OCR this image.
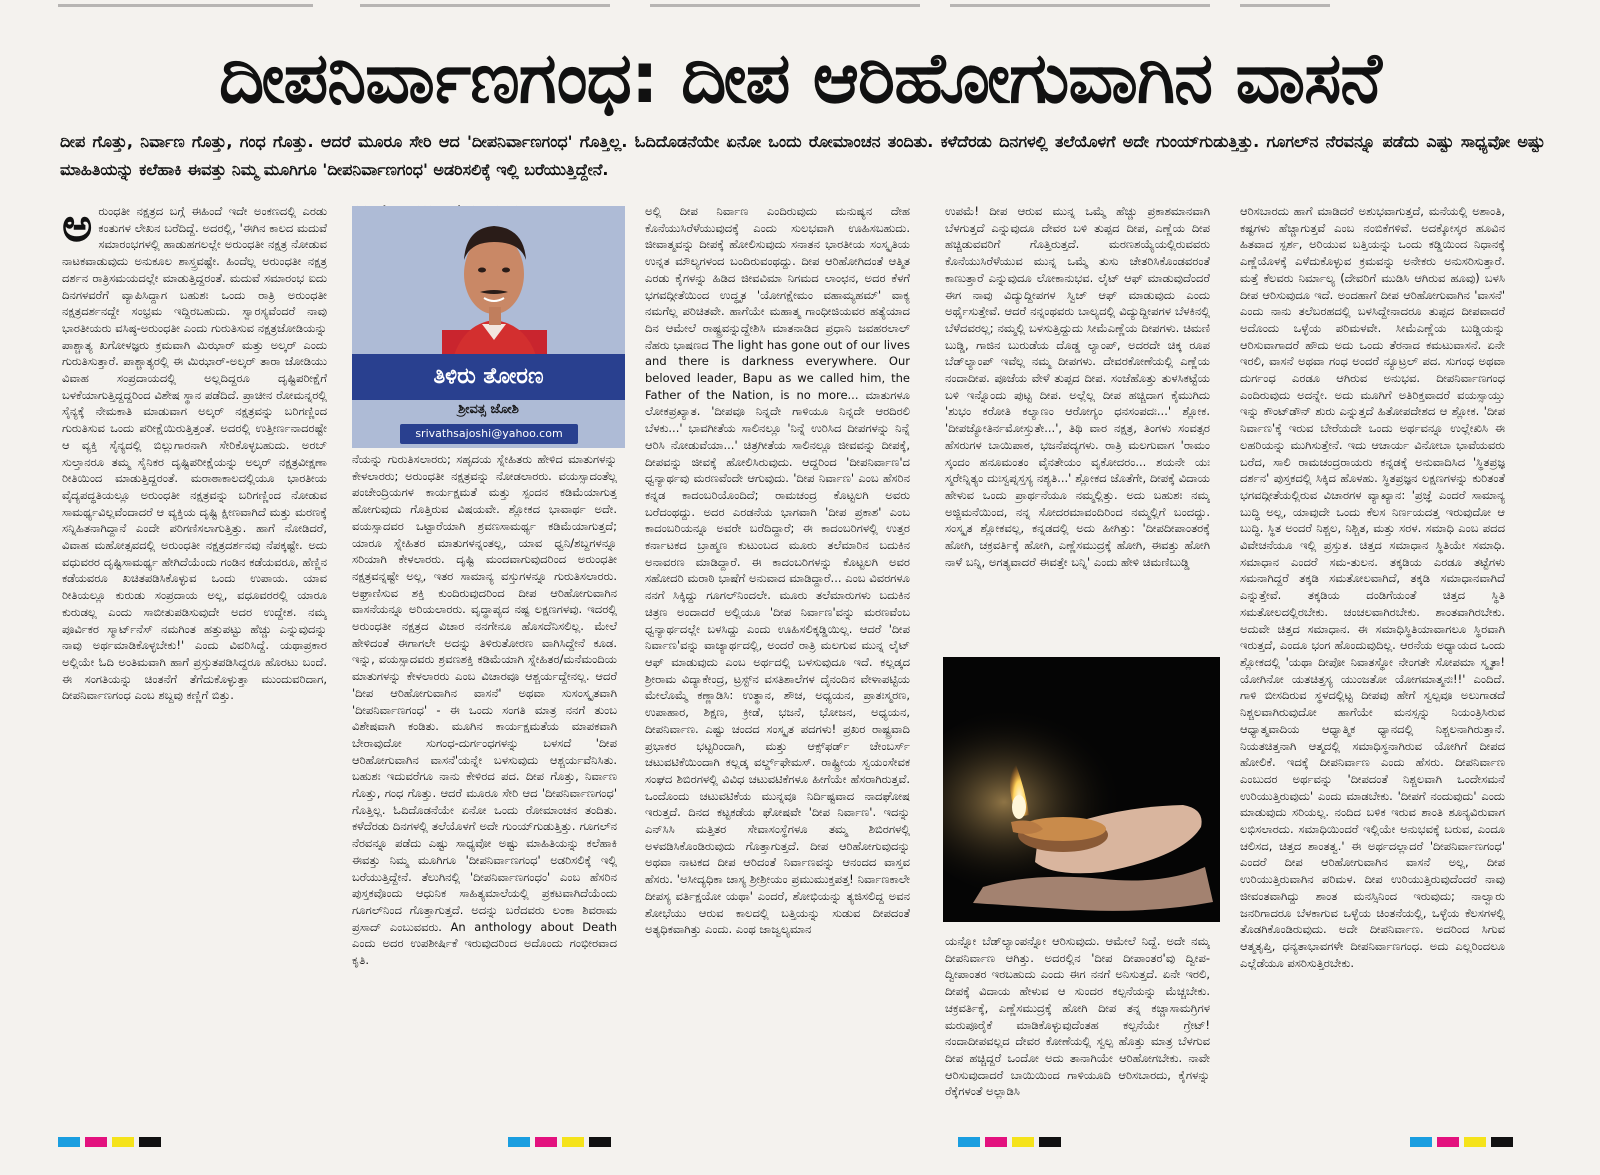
ದೀಪನಿರ್ವಾಣಗಂಧ: ದೀಪ ಆರಿಹೋಗುವಾಗಿನ ವಾಸನೆ
ದೀಪ ಗೊತ್ತು, ನಿರ್ವಾಣ ಗೊತ್ತು, ಗಂಧ ಗೊತ್ತು. ಆದರೆ ಮೂರೂ ಸೇರಿ ಆದ 'ದೀಪನಿರ್ವಾಣಗಂಧ' ಗೊತ್ತಿಲ್ಲ. ಓದಿದೊಡನೆಯೇ ಏನೋ ಒಂದು ರೋಮಾಂಚನ ತಂದಿತು. ಕಳೆದೆರಡು ದಿನಗಳಲ್ಲಿ ತಲೆಯೊಳಗೆ ಅದೇ ಗುಂಯ್‌ಗುಡುತ್ತಿತ್ತು. ಗೂಗಲ್‌ನ ನೆರವನ್ನೂ ಪಡೆದು ಎಷ್ಟು ಸಾಧ್ಯವೋ ಅಷ್ಟು ಮಾಹಿತಿಯನ್ನು ಕಲೆಹಾಕಿ ಈವತ್ತು ನಿಮ್ಮ ಮೂಗಿಗೂ 'ದೀಪನಿರ್ವಾಣಗಂಧ' ಅಡರಿಸಲಿಕ್ಕೆ ಇಲ್ಲಿ ಬರೆಯುತ್ತಿದ್ದೇನೆ.

ಅರುಂಧತೀ ನಕ್ಷತ್ರದ ಬಗ್ಗೆ ಈಹಿಂದೆ ಇದೇ ಅಂಕಣದಲ್ಲಿ ಎರಡು ಕಂತುಗಳ ಲೇಖನ ಬರೆದಿದ್ದೆ. ಅದರಲ್ಲಿ, 'ಈಗಿನ ಕಾಲದ ಮದುವೆ ಸಮಾರಂಭಗಳಲ್ಲಿ ಹಾಡುಹಗಲಲ್ಲೇ ಅರುಂಧತೀ ನಕ್ಷತ್ರ ನೋಡುವ ನಾಟಕವಾಡುವುದು ಅನುಕೂಲ ಶಾಸ್ತ್ರವಷ್ಟೇ. ಹಿಂದೆಲ್ಲ ಅರುಂಧತೀ ನಕ್ಷತ್ರ ದರ್ಶನ ರಾತ್ರಿಸಮಯದಲ್ಲೇ ಮಾಡುತ್ತಿದ್ದರಂತೆ. ಮದುವೆ ಸಮಾರಂಭ ಐದು ದಿನಗಳವರೆಗೆ ವ್ಯಾಪಿಸಿದ್ದಾಗ ಬಹುಶಃ ಒಂದು ರಾತ್ರಿ ಅರುಂಧತೀ ನಕ್ಷತ್ರದರ್ಶನದ್ದೇ ಸಂಭ್ರಮ ಇದ್ದಿರಬಹುದು. ಸ್ವಾರಸ್ಯವೆಂದರೆ ನಾವು ಭಾರತೀಯರು ವಸಿಷ್ಠ-ಅರುಂಧತೀ ಎಂದು ಗುರುತಿಸುವ ನಕ್ಷತ್ರಜೋಡಿಯನ್ನು ಪಾಶ್ಚಾತ್ಯ ಖಗೋಳಜ್ಞರು ಕ್ರಮವಾಗಿ ಮಿಝಾರ್ ಮತ್ತು ಅಲ್ಕರ್ ಎಂದು ಗುರುತಿಸುತ್ತಾರೆ. ಪಾಶ್ಚಾತ್ಯರಲ್ಲಿ ಈ ಮಿಝಾರ್-ಅಲ್ಕರ್ ತಾರಾ ಜೋಡಿಯು ವಿವಾಹ ಸಂಪ್ರದಾಯದಲ್ಲಿ ಅಲ್ಲದಿದ್ದರೂ ದೃಷ್ಟಿಪರೀಕ್ಷೆಗೆ ಬಳಕೆಯಾಗುತ್ತಿದ್ದದ್ದರಿಂದ ವಿಶೇಷ ಸ್ಥಾನ ಪಡೆದಿದೆ. ಪ್ರಾಚೀನ ರೋಮನ್ನರಲ್ಲಿ ಸೈನ್ಯಕ್ಕೆ ನೇಮಕಾತಿ ಮಾಡುವಾಗ ಅಲ್ಕರ್ ನಕ್ಷತ್ರವನ್ನು ಬರಿಗಣ್ಣಿಂದ ಗುರುತಿಸುವ ಒಂದು ಪರೀಕ್ಷೆಯಿರುತ್ತಿತ್ತಂತೆ. ಅದರಲ್ಲಿ ಉತ್ತೀರ್ಣನಾದರಷ್ಟೇ ಆ ವ್ಯಕ್ತಿ ಸೈನ್ಯದಲ್ಲಿ ಬಿಲ್ಲುಗಾರನಾಗಿ ಸೇರಿಕೊಳ್ಳಬಹುದು. ಅರಬ್ ಸುಲ್ತಾನರೂ ತಮ್ಮ ಸೈನಿಕರ ದೃಷ್ಟಿಪರೀಕ್ಷೆಯನ್ನು ಅಲ್ಕರ್ ನಕ್ಷತ್ರವೀಕ್ಷಣಾ ರೀತಿಯಿಂದ ಮಾಡುತ್ತಿದ್ದರಂತೆ. ಮರಾಠಾಕಾಲದಲ್ಲಿಯೂ ಭಾರತೀಯ ವೈದ್ಯಪದ್ಧತಿಯಲ್ಲೂ ಅರುಂಧತೀ ನಕ್ಷತ್ರವನ್ನು ಬರಿಗಣ್ಣಿಂದ ನೋಡುವ ಸಾಮರ್ಥ್ಯವಿಲ್ಲವೆಂದಾದರೆ ಆ ವ್ಯಕ್ತಿಯ ದೃಷ್ಟಿ ಕ್ಷೀಣವಾಗಿದೆ ಮತ್ತು ಮರಣಕ್ಕೆ ಸನ್ನಿಹಿತನಾಗಿದ್ದಾನೆ ಎಂದೇ ಪರಿಗಣಿಸಲಾಗುತ್ತಿತ್ತು. ಹಾಗೆ ನೋಡಿದರೆ, ವಿವಾಹ ಮಹೋತ್ಸವದಲ್ಲಿ ಅರುಂಧತೀ ನಕ್ಷತ್ರದರ್ಶನವು ನೆಪಕ್ಕಷ್ಟೇ. ಅದು ವಧುವರರ ದೃಷ್ಟಿಸಾಮರ್ಥ್ಯ ಹೇಗಿದೆಯೆಂದು ಗಂಡಿನ ಕಡೆಯವರೂ, ಹೆಣ್ಣಿನ ಕಡೆಯವರೂ ಖಚಿತಪಡಿಸಿಕೊಳ್ಳುವ ಒಂದು ಉಪಾಯ. ಯಾವ ರೀತಿಯಲ್ಲೂ ಕುರುಡು ಸಂಪ್ರದಾಯ ಅಲ್ಲ, ವಧೂವರರಲ್ಲಿ ಯಾರೂ ಕುರುಡಲ್ಲ ಎಂದು ಸಾಬೀತುಪಡಿಸುವುದೇ ಅದರ ಉದ್ದೇಶ. ನಮ್ಮ ಪೂರ್ವಿಕರ ಸ್ಮಾರ್ಟ್‌ನೆಸ್ ನಮಗಿಂತ ಹತ್ತುಪಟ್ಟು ಹೆಚ್ಚು ಎನ್ನುವುದನ್ನು ನಾವು ಅರ್ಥಮಾಡಿಕೊಳ್ಳಬೇಕು!' ಎಂದು ವಿವರಿಸಿದ್ದೆ. ಯಥಾಪ್ರಕಾರ ಅಲ್ಲಿಯೇ ಓದಿ ಅಂತಿಮವಾಗಿ ಹಾಗೆ ಪ್ರಸ್ತುತಪಡಿಸಿದ್ದರೂ ಹೊರಟು ಬಂದೆ. ಈ ಸಂಗತಿಯನ್ನು ಚಿಂತನೆಗೆ ತೆಗೆದುಕೊಳ್ಳುತ್ತಾ ಮುಂದುವರಿದಾಗ, ದೀಪನಿರ್ವಾಣಗಂಧ ಎಂಬ ಶಬ್ದವು ಕಣ್ಣಿಗೆ ಬಿತ್ತು.

ನೆಯನ್ನು ಗುರುತಿಸಲಾರರು; ಸಹೃದಯ ಸ್ನೇಹಿತರು ಹೇಳಿದ ಮಾತುಗಳನ್ನು ಕೇಳಲಾರರು; ಅರುಂಧತೀ ನಕ್ಷತ್ರವನ್ನು ನೋಡಲಾರರು. ವಯಸ್ಸಾದಂತೆಲ್ಲ ಪಂಚೇಂದ್ರಿಯಗಳ ಕಾರ್ಯಕ್ಷಮತೆ ಮತ್ತು ಸ್ಪಂದನ ಕಡಿಮೆಯಾಗುತ್ತ ಹೋಗುವುದು ಗೊತ್ತಿರುವ ವಿಷಯವೇ. ಶ್ಲೋಕದ ಭಾವಾರ್ಥ ಅದೇ. ವಯಸ್ಸಾದವರ ಒಟ್ಟಾರೆಯಾಗಿ ಶ್ರವಣಸಾಮರ್ಥ್ಯ ಕಡಿಮೆಯಾಗುತ್ತದೆ; ಯಾರೂ ಸ್ನೇಹಿತರ ಮಾತುಗಳನ್ನಂತಲ್ಲ, ಯಾವ ಧ್ವನಿ/ಶಬ್ದಗಳನ್ನೂ ಸರಿಯಾಗಿ ಕೇಳಲಾರರು. ದೃಷ್ಟಿ ಮಂದವಾಗುವುದರಿಂದ ಅರುಂಧತೀ ನಕ್ಷತ್ರವನ್ನಷ್ಟೇ ಅಲ್ಲ, ಇತರ ಸಾಮಾನ್ಯ ವಸ್ತುಗಳನ್ನೂ ಗುರುತಿಸಲಾರರು. ಅಘ್ರಾಣಿಸುವ ಶಕ್ತಿ ಕುಂದಿರುವುದರಿಂದ ದೀಪ ಆರಿಹೋಗುವಾಗಿನ ವಾಸನೆಯನ್ನೂ ಅರಿಯಲಾರರು. ವೃದ್ಧಾಪ್ಯದ ನಷ್ಟ ಲಕ್ಷಣಗಳವು. ಇದರಲ್ಲಿ ಅರುಂಧತೀ ನಕ್ಷತ್ರದ ವಿಚಾರ ನನಗೇನೂ ಹೊಸದೆನಿಸಲಿಲ್ಲ. ಮೇಲೆ ಹೇಳಿದಂತೆ ಈಗಾಗಲೇ ಅದನ್ನು ತಿಳಿರುತೋರಣ ವಾಗಿಸಿದ್ದೇನೆ ಕೂಡ. ಇನ್ನು, ವಯಸ್ಸಾದವರು ಶ್ರವಣಶಕ್ತಿ ಕಡಿಮೆಯಾಗಿ ಸ್ನೇಹಿತರ/ಮನೆಮಂದಿಯ ಮಾತುಗಳನ್ನು ಕೇಳಲಾರರು ಎಂಬ ವಿಚಾರವೂ ಆಶ್ಚರ್ಯದ್ದೇನಲ್ಲ. ಆದರೆ 'ದೀಪ ಆರಿಹೋಗುವಾಗಿನ ವಾಸನೆ' ಅಥವಾ ಸುಸಂಸ್ಕೃತವಾಗಿ 'ದೀಪನಿರ್ವಾಣಗಂಧ' - ಈ ಒಂದು ಸಂಗತಿ ಮಾತ್ರ ನನಗೆ ತುಂಬ ವಿಶೇಷವಾಗಿ ಕಂಡಿತು. ಮೂಗಿನ ಕಾರ್ಯಕ್ಷಮತೆಯ ಮಾಪಕವಾಗಿ ಬೇರಾವುದೋ ಸುಗಂಧ-ದುರ್ಗಂಧಗಳನ್ನು ಬಳಸದೆ 'ದೀಪ ಆರಿಹೋಗುವಾಗಿನ ವಾಸನೆ'ಯನ್ನೇ ಬಳಸುವುದು ಆಶ್ಚರ್ಯವೆನಿಸಿತು. ಬಹುಶಃ ಇದುವರೆಗೂ ನಾನು ಕೇಳಿರದ ಪದ. ದೀಪ ಗೊತ್ತು, ನಿರ್ವಾಣ ಗೊತ್ತು, ಗಂಧ ಗೊತ್ತು. ಆದರೆ ಮೂರೂ ಸೇರಿ ಆದ 'ದೀಪನಿರ್ವಾಣಗಂಧ' ಗೊತ್ತಿಲ್ಲ. ಓದಿದೊಡನೆಯೇ ಏನೋ ಒಂದು ರೋಮಾಂಚನ ತಂದಿತು. ಕಳೆದೆರಡು ದಿನಗಳಲ್ಲಿ ತಲೆಯೊಳಗೆ ಅದೇ ಗುಂಯ್‌ಗುಡುತ್ತಿತ್ತು. ಗೂಗಲ್‌ನ ನೆರವನ್ನೂ ಪಡೆದು ಎಷ್ಟು ಸಾಧ್ಯವೋ ಅಷ್ಟು ಮಾಹಿತಿಯನ್ನು ಕಲೆಹಾಕಿ ಈವತ್ತು ನಿಮ್ಮ ಮೂಗಿಗೂ 'ದೀಪನಿರ್ವಾಣಗಂಧ' ಅಡರಿಸಲಿಕ್ಕೆ ಇಲ್ಲಿ ಬರೆಯುತ್ತಿದ್ದೇನೆ. ತೆಲುಗಿನಲ್ಲಿ 'ದೀಪನಿರ್ವಾಣಗಂಧಂ' ಎಂಬ ಹೆಸರಿನ ಪುಸ್ತಕವೊಂದು ಆಧುನಿಕ ಸಾಹಿತ್ಯಮಾಲೆಯಲ್ಲಿ ಪ್ರಕಟವಾಗಿದೆಯೆಂದು ಗೂಗಲ್‌ನಿಂದ ಗೊತ್ತಾಗುತ್ತದೆ. ಅದನ್ನು ಬರೆದವರು ಲಂಕಾ ಶಿವರಾಮ ಪ್ರಸಾದ್ ಎಂಬುವವರು. An anthology about Death ಎಂದು ಅದರ ಉಪಶೀರ್ಷಿಕೆ ಇರುವುದರಿಂದ ಅದೊಂದು ಗಂಭೀರವಾದ ಕೃತಿ.
ತಿಳಿರು ತೋರಣ
ಶ್ರೀವತ್ಸ ಜೋಶಿ
srivathsajoshi@yahoo.com

ಅಲ್ಲಿ ದೀಪ ನಿರ್ವಾಣ ಎಂದಿರುವುದು ಮನುಷ್ಯನ ದೇಹ ಕೊನೆಯುಸಿರೆಳೆಯುವುದಕ್ಕೆ ಎಂದು ಸುಲಭವಾಗಿ ಊಹಿಸಬಹುದು. ಜೀವಾತ್ಮವನ್ನು ದೀಪಕ್ಕೆ ಹೋಲಿಸುವುದು ಸನಾತನ ಭಾರತೀಯ ಸಂಸ್ಕೃತಿಯ ಉನ್ನತ ಮೌಲ್ಯಗಳಂದ ಬಂದಿರುವಂಥದ್ದು. ದೀಪ ಆರಿಹೋಗಿದಂತೆ ಆತ್ಮಿತ ಎರಡು ಕೈಗಳನ್ನು ಹಿಡಿದ ಜೀವವಿಮಾ ನಿಗಮದ ಲಾಂಛನ, ಅದರ ಕೆಳಗೆ ಭಗವದ್ಗೀತೆಯಿಂದ ಉದ್ಧೃತ 'ಯೋಗಕ್ಷೇಮಂ ವಹಾಮ್ಯಹಮ್' ವಾಕ್ಯ ನಮಗೆಲ್ಲ ಪರಿಚಿತವೇ. ಹಾಗೆಯೇ ಮಹಾತ್ಮ ಗಾಂಧೀಜಿಯವರ ಹತ್ಯೆಯಾದ ದಿನ ಆಮೇಲೆ ರಾಷ್ಟ್ರವನ್ನುದ್ದೇಶಿಸಿ ಮಾತನಾಡಿದ ಪ್ರಧಾನಿ ಜವಹರಲಾಲ್ ನೆಹರು ಭಾಷಣದ The light has gone out of our lives and there is darkness everywhere. Our beloved leader, Bapu as we called him, the Father of the Nation, is no more... ಮಾತುಗಳೂ ಲೋಕಪ್ರಖ್ಯಾತ. 'ದೀಪವೂ ನಿನ್ನದೇ ಗಾಳಿಯೂ ನಿನ್ನದೇ ಆರದಿರಲಿ ಬೆಳಕು...' ಭಾವಗೀತೆಯ ಸಾಲಿನಲ್ಲೂ 'ನಿನ್ನೆ ಉರಿಸಿದ ದೀಪಗಳನ್ನು ನಿನ್ನೆ ಆರಿಸಿ ನೋಡುವೆಯಾ...' ಚಿತ್ರಗೀತೆಯ ಸಾಲಿನಲ್ಲೂ ಜೀವವನ್ನು ದೀಪಕ್ಕೆ, ದೀಪವನ್ನು ಜೀವಕ್ಕೆ ಹೋಲಿಸಿರುವುದು. ಆದ್ದರಿಂದ 'ದೀಪನಿರ್ವಾಣ'ದ ಧ್ವನ್ಯಾರ್ಥವು ಮರಣವೆಂದೇ ಆಗುವುದು. 'ದೀಪ ನಿರ್ವಾಣ' ಎಂಬ ಹೆಸರಿನ ಕನ್ನಡ ಕಾದಂಬರಿಯೊಂದಿದೆ; ರಾಮಚಂದ್ರ ಕೊಟ್ಟಲಗಿ ಅವರು ಬರೆದಂಥದ್ದು. ಅದರ ಎರಡನೆಯ ಭಾಗವಾಗಿ 'ದೀಪ ಪ್ರಕಾಶ' ಎಂಬ ಕಾದಂಬರಿಯನ್ನೂ ಅವರೇ ಬರೆದಿದ್ದಾರೆ; ಈ ಕಾದಂಬರಿಗಳಲ್ಲಿ ಉತ್ತರ ಕರ್ನಾಟಕದ ಬ್ರಾಹ್ಮಣ ಕುಟುಂಬದ ಮೂರು ತಲೆಮಾರಿನ ಬದುಕಿನ ಅನಾವರಣ ಮಾಡಿದ್ದಾರೆ. ಈ ಕಾದಂಬರಿಗಳನ್ನು ಕೊಟ್ಟಲಗಿ ಅವರ ಸಹೋದರಿ ಮರಾಠಿ ಭಾಷೆಗೆ ಅನುವಾದ ಮಾಡಿದ್ದಾರೆ... ಎಂಬ ವಿವರಗಳೂ ನನಗೆ ಸಿಕ್ಕಿದ್ದು ಗೂಗಲ್‌ನಿಂದಲೇ. ಮೂರು ತಲೆಮಾರುಗಳು ಬದುಕಿನ ಚಿತ್ರಣ ಅಂದಾದರೆ ಅಲ್ಲಿಯೂ 'ದೀಪ ನಿರ್ವಾಣ'ವನ್ನು ಮರಣವೆಂಬ ಧ್ವನ್ಯಾರ್ಥದಲ್ಲೇ ಬಳಸಿದ್ದು ಎಂದು ಊಹಿಸಲಿಕ್ಕಡ್ಡಿಯಿಲ್ಲ. ಆದರೆ 'ದೀಪ ನಿರ್ವಾಣ'ವನ್ನು ವಾಚ್ಯಾರ್ಥದಲ್ಲಿ, ಅಂದರೆ ರಾತ್ರಿ ಮಲಗುವ ಮುನ್ನ ಲೈಟ್ ಆಫ್ ಮಾಡುವುದು ಎಂಬ ಅರ್ಥದಲ್ಲಿ ಬಳಸುವುದೂ ಇದೆ. ಕಲ್ಲಡ್ಕದ ಶ್ರೀರಾಮ ವಿದ್ಯಾಕೇಂದ್ರ, ಟ್ರಸ್ಟ್‌ನ ವಸತಿಶಾಲೆಗಳ ದೈನಂದಿನ ವೇಳಾಪಟ್ಟಿಯ ಮೇಲೊಮ್ಮೆ ಕಣ್ಣಾಡಿಸಿ: ಉತ್ಥಾನ, ಶೌಚ, ಅಧ್ಯಯನ, ಪ್ರಾತಃಸ್ಮರಣ, ಉಪಾಹಾರ, ಶಿಕ್ಷಣ, ಕ್ರೀಡೆ, ಭಜನೆ, ಭೋಜನ, ಅಧ್ಯಯನ, ದೀಪನಿರ್ವಾಣ. ಎಷ್ಟು ಚಂದದ ಸಂಸ್ಕೃತ ಪದಗಳು! ಪ್ರಖರ ರಾಷ್ಟ್ರವಾದಿ ಪ್ರಭಾಕರ ಭಟ್ಟರಿಂದಾಗಿ, ಮತ್ತು ಆಕ್ಸ್‌ಫರ್ಡ್ ಚೇಂಬರ್ಸ್ ಚಟುವಟಿಕೆಯಿಂದಾಗಿ ಕಲ್ಲಡ್ಕ ವರ್ಲ್ಡ್‌ಫೇಮಸ್. ರಾಷ್ಟ್ರೀಯ ಸ್ವಯಂಸೇವಕ ಸಂಘದ ಶಿಬಿರಗಳಲ್ಲಿ ವಿವಿಧ ಚಟುವಟಿಕೆಗಳೂ ಹೀಗೆಯೇ ಹೆಸರಾಗಿರುತ್ತವೆ. ಒಂದೊಂದು ಚಟುವಟಿಕೆಯ ಮುನ್ನವೂ ನಿರ್ದಿಷ್ಟವಾದ ನಾದಘೋಷ ಇರುತ್ತದೆ. ದಿನದ ಕಟ್ಟಕಡೆಯ ಘೋಷವೇ 'ದೀಪ ನಿರ್ವಾಣ'. ಇದನ್ನು ಎನ್‌ಸಿಸಿ ಮತ್ತಿತರ ಸೇವಾಸಂಸ್ಥೆಗಳೂ ತಮ್ಮ ಶಿಬಿರಗಳಲ್ಲಿ ಅಳವಡಿಸಿಕೊಂಡಿರುವುದು ಗೊತ್ತಾಗುತ್ತದೆ. ದೀಪ ಆರಿಹೋಗುವುದನ್ನು ಅಥವಾ ನಾಟಕದ ದೀಪ ಆರಿದಂತೆ ನಿರ್ವಾಣವನ್ನು ಆನಂದದ ವಾಸ್ತವ ಹೆಸರು. 'ಅಸೀದ್ಯಧಿಕಾ ಚಾಸ್ಯ ಶ್ರೀಶ್ರೀಯಂ ಪ್ರಮುಮುಕ್ತಪತ್ತ! ನಿರ್ವಾಣಕಾಲೇ ದೀಪಸ್ಯ ವರ್ತಿಕ್ಷಯೋ ಯಥಾ' ಎಂದರೆ, ಶೋಭಿಯನ್ನು ತ್ಯಜಿಸಲಿದ್ದ ಅವನ ಶೋಭೆಯು ಆರುವ ಕಾಲದಲ್ಲಿ ಬತ್ತಿಯನ್ನು ಸುಡುವ ದೀಪದಂತೆ ಅತ್ಯಧಿಕವಾಗಿತ್ತು ಎಂದು. ಎಂಥ ಜಾಜ್ವಲ್ಯಮಾನ

ಉಪಮೆ! ದೀಪ ಆರುವ ಮುನ್ನ ಒಮ್ಮೆ ಹೆಚ್ಚು ಪ್ರಕಾಶಮಾನವಾಗಿ ಬೆಳಗುತ್ತದೆ ಎನ್ನುವುದೂ ದೇವರ ಬಳಿ ತುಪ್ಪದ ದೀಪ, ಎಣ್ಣೆಯ ದೀಪ ಹಚ್ಚಿಡುವವರಿಗೆ ಗೊತ್ತಿರುತ್ತದೆ. ಮರಣಶಯ್ಯೆಯಲ್ಲಿರುವವರು ಕೊನೆಯುಸಿರೆಳೆಯುವ ಮುನ್ನ ಒಮ್ಮೆ ತುಸು ಚೇತರಿಸಿಕೊಂಡವರಂತೆ ಕಾಣುತ್ತಾರೆ ಎನ್ನುವುದೂ ಲೋಕಾನುಭವ. ಲೈಟ್ ಆಫ್ ಮಾಡುವುದೆಂದರೆ ಈಗ ನಾವು ವಿದ್ಯುದ್ದೀಪಗಳ ಸ್ವಿಚ್ ಆಫ್ ಮಾಡುವುದು ಎಂದು ಅರ್ಥೈಸುತ್ತೇವೆ. ಆದರೆ ನನ್ನಂಥವರು ಬಾಲ್ಯದಲ್ಲಿ ವಿದ್ಯುದ್ದೀಪಗಳ ಬೆಳಕಿನಲ್ಲಿ ಬೆಳೆದವರಲ್ಲ; ನಮ್ಮಲ್ಲಿ ಬಳಸುತ್ತಿದ್ದುದು ಸೀಮೆಎಣ್ಣೆಯ ದೀಪಗಳು. ಚಿಮಣಿ ಬುಡ್ಡಿ, ಗಾಜಿನ ಬುರುಡೆಯ ದೊಡ್ಡ ಲ್ಯಾಂಪ್, ಅದರದೇ ಚಿಕ್ಕ ರೂಪ ಬೆಡ್‌ಲ್ಯಾಂಪ್ ಇವೆಲ್ಲ ನಮ್ಮ ದೀಪಗಳು. ದೇವರಕೋಣೆಯಲ್ಲಿ ಎಣ್ಣೆಯ ನಂದಾದೀಪ. ಪೂಜೆಯ ವೇಳೆ ತುಪ್ಪದ ದೀಪ. ಸಂಜೆಹೊತ್ತು ತುಳಸಿಕಟ್ಟೆಯ ಬಳಿ ಇನ್ನೊಂದು ಪುಟ್ಟ ದೀಪ. ಅಲ್ಲೆಲ್ಲ ದೀಪ ಹಚ್ಚಿದಾಗ ಕೈಮುಗಿದು 'ಶುಭಂ ಕರೋತಿ ಕಲ್ಯಾಣಂ ಆರೋಗ್ಯಂ ಧನಸಂಪದಃ...' ಶ್ಲೋಕ. 'ದೀಪಜ್ಯೋತಿರ್ನಮೋಸ್ತುತೇ...', ತಿಥಿ ವಾರ ನಕ್ಷತ್ರ, ತಿಂಗಳು ಸಂವತ್ಸರ ಹೆಸರುಗಳ ಬಾಯಿಪಾಠ, ಭಜನೆಪದ್ಯಗಳು. ರಾತ್ರಿ ಮಲಗುವಾಗ 'ರಾಮಂ ಸ್ಕಂದಂ ಹನೂಮಂತಂ ವೈನತೇಯಂ ವೃಕೋದರಂ... ಶಯನೇ ಯಃ ಸ್ಮರೇನ್ನಿತ್ಯಂ ದುಃಸ್ವಪ್ನಸ್ತಸ್ಯ ನಶ್ಯತಿ...' ಶ್ಲೋಕದ ಜೊತೆಗೇ, ದೀಪಕ್ಕೆ ವಿದಾಯ ಹೇಳುವ ಒಂದು ಪ್ರಾರ್ಥನೆಯೂ ನಮ್ಮಲ್ಲಿತ್ತು. ಅದು ಬಹುಶಃ ನಮ್ಮ ಅಜ್ಜಿಮನೆಯಿಂದ, ನನ್ನ ಸೋದರಮಾವಂದಿರಿಂದ ನಮ್ಮಲ್ಲಿಗೆ ಬಂದದ್ದು. ಸಂಸ್ಕೃತ ಶ್ಲೋಕವಲ್ಲ, ಕನ್ನಡದಲ್ಲಿ ಅದು ಹೀಗಿತ್ತು: 'ದೀಪದೀಪಾಂತರಕ್ಕೆ ಹೋಗಿ, ಚಕ್ರವರ್ತಿಕ್ಕೆ ಹೋಗಿ, ಎಣ್ಣೆಸಮುದ್ರಕ್ಕೆ ಹೋಗಿ, ಈವತ್ತು ಹೋಗಿ ನಾಳೆ ಬನ್ನಿ, ಅಗತ್ಯವಾದರೆ ಈವತ್ತೇ ಬನ್ನಿ' ಎಂದು ಹೇಳಿ ಚಿಮಣಿಬುಡ್ಡಿ
ಯನ್ನೋ ಬೆಡ್‌ಲ್ಯಾಂಪನ್ನೋ ಆರಿಸುವುದು. ಆಮೇಲೆ ನಿದ್ದೆ. ಅದೇ ನಮ್ಮ ದೀಪನಿರ್ವಾಣ ಆಗಿತ್ತು. ಅದರಲ್ಲಿನ 'ದೀಪ ದೀಪಾಂತರ'ವು ದ್ವೀಪ-ದ್ವೀಪಾಂತರ ಇರಬಹುದು ಎಂದು ಈಗ ನನಗೆ ಅನಿಸುತ್ತದೆ. ಏನೇ ಇರಲಿ, ದೀಪಕ್ಕೆ ವಿದಾಯ ಹೇಳುವ ಆ ಸುಂದರ ಕಲ್ಪನೆಯನ್ನು ಮೆಚ್ಚಬೇಕು. ಚಕ್ರವರ್ತಿಕ್ಕೆ, ಎಣ್ಣೆಸಮುದ್ರಕ್ಕೆ ಹೋಗಿ ದೀಪ ತನ್ನ ಕಚ್ಚಾಸಾಮಗ್ರಿಗಳ ಮರುಪೂರೈಕೆ ಮಾಡಿಕೊಳ್ಳುವುದೆಂತಹ ಕಲ್ಪನೆಯೇ ಗ್ರೇಟ್! ನಂದಾದೀಪವಲ್ಲದ ದೇವರ ಕೋಣೆಯಲ್ಲಿ ಸ್ವಲ್ಪ ಹೊತ್ತು ಮಾತ್ರ ಬೆಳಗುವ ದೀಪ ಹಚ್ಚಿದ್ದರೆ ಒಂದೋ ಅದು ತಾನಾಗಿಯೇ ಆರಿಹೋಗಬೇಕು. ನಾವೇ ಆರಿಸುವುದಾದರೆ ಬಾಯಿಯಿಂದ ಗಾಳಿಯೂದಿ ಆರಿಸಬಾರದು, ಕೈಗಳನ್ನು ರೆಕ್ಕೆಗಳಂತೆ ಅಲ್ಲಾಡಿಸಿ

ಆರಿಸಬಾರದು ಹಾಗೆ ಮಾಡಿದರೆ ಅಶುಭವಾಗುತ್ತದೆ, ಮನೆಯಲ್ಲಿ ಅಶಾಂತಿ, ಕಷ್ಟಗಳು ಹೆಚ್ಚಾಗುತ್ತವೆ ಎಂಬ ನಂಬಿಕೆಗಳಿವೆ. ಅದಕ್ಕೋಸ್ಕರ ಹೂವಿನ ಹಿತವಾದ ಸ್ಪರ್ಶ, ಅರಿಯುವ ಬತ್ತಿಯನ್ನು ಒಂದು ಕಡ್ಡಿಯಿಂದ ನಿಧಾನಕ್ಕೆ ಎಣ್ಣೆಯೊಳಕ್ಕೆ ಎಳೆದುಕೊಳ್ಳುವ ಕ್ರಮವನ್ನು ಅನೇಕರು ಅನುಸರಿಸುತ್ತಾರೆ. ಮತ್ತೆ ಕೆಲವರು ನಿರ್ಮಾಲ್ಯ (ದೇವರಿಗೆ ಮುಡಿಸಿ ಆಗಿರುವ ಹೂವು) ಬಳಸಿ ದೀಪ ಆರಿಸುವುದೂ ಇದೆ. ಅಂದಹಾಗೆ ದೀಪ ಆರಿಹೋಗುವಾಗಿನ 'ವಾಸನೆ' ಎಂದು ನಾನು ತಲೆಬರಹದಲ್ಲಿ ಬಳಸಿದ್ದೇನಾದರೂ ತುಪ್ಪದ ದೀಪವಾದರೆ ಅದೊಂದು ಒಳ್ಳೆಯ ಪರಿಮಳವೇ. ಸೀಮೆಎಣ್ಣೆಯ ಬುಡ್ಡಿಯನ್ನು ಆರಿಸುವಾಗಾದರೆ ಹೌದು ಅದು ಒಂದು ತೆರನಾದ ಕಮಟುವಾಸನೆ. ಏನೇ ಇರಲಿ, ವಾಸನೆ ಅಥವಾ ಗಂಧ ಅಂದರೆ ನ್ಯೂಟ್ರಲ್ ಪದ. ಸುಗಂಧ ಅಥವಾ ದುರ್ಗಂಧ ಎರಡೂ ಆಗಿರುವ ಅನುಭವ. ದೀಪನಿರ್ವಾಣಗಂಧ ಎಂದಿರುವುದು ಅದನ್ನೇ. ಅದು ಮೂಗಿಗೆ ಅತಿರಿಕ್ತವಾದರೆ ವಯಸ್ಸಾಯ್ತು ಇನ್ನು ಕೌಂಟ್‌ಡೌನ್ ಶುರು ಎನ್ನುತ್ತದೆ ಹಿತೋಪದೇಶದ ಆ ಶ್ಲೋಕ. 'ದೀಪ ನಿರ್ವಾಣ'ಕ್ಕೆ ಇರುವ ಬೇರೆಯದೇ ಒಂದು ಅರ್ಥವನ್ನೂ ಉಲ್ಲೇಖಿಸಿ ಈ ಲಹರಿಯನ್ನು ಮುಗಿಸುತ್ತೇನೆ. ಇದು ಆಚಾರ್ಯ ವಿನೋಬಾ ಭಾವೆಯವರು ಬರೆದ, ಸಾಲಿ ರಾಮಚಂದ್ರರಾಯರು ಕನ್ನಡಕ್ಕೆ ಅನುವಾದಿಸಿದ 'ಸ್ಥಿತಪ್ರಜ್ಞ ದರ್ಶನ' ಪುಸ್ತಕದಲ್ಲಿ ಸಿಕ್ಕಿದ ಹೊಳಹು. ಸ್ಥಿತಪ್ರಜ್ಞನ ಲಕ್ಷಣಗಳನ್ನು ಕುರಿತಂತೆ ಭಗವದ್ಗೀತೆಯಲ್ಲಿರುವ ವಿಚಾರಗಳ ವ್ಯಾಖ್ಯಾನ: 'ಪ್ರಜ್ಞೆ ಎಂದರೆ ಸಾಮಾನ್ಯ ಬುದ್ಧಿ ಅಲ್ಲ, ಯಾವುದೇ ಒಂದು ಕೆಲಸ ನಿರ್ಣಯದತ್ತ ಇರುವುದೋ ಆ ಬುದ್ಧಿ. ಸ್ಥಿತ ಅಂದರೆ ನಿಶ್ಚಲ, ನಿಶ್ಚಿತ, ಮತ್ತು ಸರಳ. ಸಮಾಧಿ ಎಂಬ ಪದದ ವಿವೇಚನೆಯೂ ಇಲ್ಲಿ ಪ್ರಸ್ತುತ. ಚಿತ್ತದ ಸಮಾಧಾನ ಸ್ಥಿತಿಯೇ ಸಮಾಧಿ. ಸಮಾಧಾನ ಎಂದರೆ ಸಮ-ತುಲನ. ತಕ್ಕಡಿಯ ಎರಡೂ ತಟ್ಟೆಗಳು ಸಮನಾಗಿದ್ದರೆ ತಕ್ಕಡಿ ಸಮತೋಲವಾಗಿದೆ, ತಕ್ಕಡಿ ಸಮಾಧಾನವಾಗಿದೆ ಎನ್ನುತ್ತೇವೆ. ತಕ್ಕಡಿಯ ದಂಡಿಗೆಯಂತೆ ಚಿತ್ತದ ಸ್ಥಿತಿ ಸಮತೋಲದಲ್ಲಿರಬೇಕು. ಚಂಚಲವಾಗಿರಬೇಕು. ಶಾಂತವಾಗಿರಬೇಕು. ಅದುವೇ ಚಿತ್ತದ ಸಮಾಧಾನ. ಈ ಸಮಾಧಿಸ್ಥಿತಿಯಾವಾಗಲೂ ಸ್ಥಿರವಾಗಿ ಇರುತ್ತದೆ, ಎಂದೂ ಭಂಗ ಹೊಂದುವುದಿಲ್ಲ. ಆರನೆಯ ಅಧ್ಯಾಯದ ಒಂದು ಶ್ಲೋಕದಲ್ಲಿ 'ಯಥಾ ದೀಪೋ ನಿವಾತಸ್ಥೋ ನೇಂಗತೇ ಸೋಪಮಾ ಸ್ಮೃತಾ! ಯೋಗಿನೋ ಯತಚಿತ್ತಸ್ಯ ಯುಂಜತೋ ಯೋಗಮಾತ್ಮನಃ!!' ಎಂದಿದೆ. ಗಾಳಿ ಬೀಸದಿರುವ ಸ್ಥಳದಲ್ಲಿಟ್ಟ ದೀಪವು ಹೇಗೆ ಸ್ವಲ್ಪವೂ ಅಲುಗಾಡದೆ ನಿಶ್ಚಲವಾಗಿರುವುದೋ ಹಾಗೆಯೇ ಮನಸ್ಸನ್ನು ನಿಯಂತ್ರಿಸಿರುವ ಆಧ್ಯಾತ್ಮವಾದಿಯ ಆಧ್ಯಾತ್ಮಿಕ ಧ್ಯಾನದಲ್ಲಿ ನಿಶ್ಚಲನಾಗಿರುತ್ತಾನೆ. ನಿಯತಚಿತ್ತನಾಗಿ ಆತ್ಮದಲ್ಲಿ ಸಮಾಧಿಸ್ಥನಾಗಿರುವ ಯೋಗಿಗೆ ದೀಪದ ಹೋಲಿಕೆ. ಇದಕ್ಕೆ ದೀಪನಿರ್ವಾಣ ಎಂದು ಹೆಸರು. ದೀಪನಿರ್ವಾಣ ಎಂಬುದರ ಅರ್ಥವನ್ನು 'ದೀಪದಂತೆ ನಿಶ್ಚಲವಾಗಿ ಒಂದೇಸಮನೆ ಉರಿಯುತ್ತಿರುವುದು' ಎಂದು ಮಾಡಬೇಕು. 'ದೀಪಗೆ ನಂದುವುದು' ಎಂದು ಮಾಡುವುದು ಸರಿಯಲ್ಲ. ನಂದಿದ ಬಳಿಕ ಇರುವ ಶಾಂತಿ ಶೂನ್ಯವಿರುವಾಗ ಲಭಿಸಲಾರದು. ಸಮಾಧಿಯಿಂದರೆ ಇಲ್ಲಿಯೇ ಅನುಭವಕ್ಕೆ ಬರುವ, ಎಂದೂ ಚಲಿಸದ, ಚಿತ್ತದ ಶಾಂತತ್ವ.' ಈ ಅರ್ಥದಲ್ಲಾದರೆ 'ದೀಪನಿರ್ವಾಣಗಂಧ' ಎಂದರೆ ದೀಪ ಆರಿಹೋಗುವಾಗಿನ ವಾಸನೆ ಅಲ್ಲ, ದೀಪ ಉರಿಯುತ್ತಿರುವಾಗಿನ ಪರಿಮಳ. ದೀಪ ಉರಿಯುತ್ತಿರುವುದೆಂದರೆ ನಾವು ಜೀವಂತವಾಗಿದ್ದು ಶಾಂತ ಮನಸ್ಸಿನಿಂದ ಇರುವುದು; ನಾಲ್ವಾರು ಜನರಿಗಾದರೂ ಬೆಳಕಾಗುವ ಒಳ್ಳೆಯ ಚಿಂತನೆಯಲ್ಲಿ, ಒಳ್ಳೆಯ ಕೆಲಸಗಳಲ್ಲಿ ತೊಡಗಿಕೊಂಡಿರುವುದು. ಅದೇ ದೀಪನಿರ್ವಾಣ. ಅದರಿಂದ ಸಿಗುವ ಆತ್ಮತೃಪ್ತಿ, ಧನ್ಯತಾಭಾವಗಳೇ ದೀಪನಿರ್ವಾಣಗಂಧ. ಅದು ಎಲ್ಲರಿಂದಲೂ ಎಲ್ಲೆಡೆಯೂ ಪಸರಿಸುತ್ತಿರಬೇಕು.
